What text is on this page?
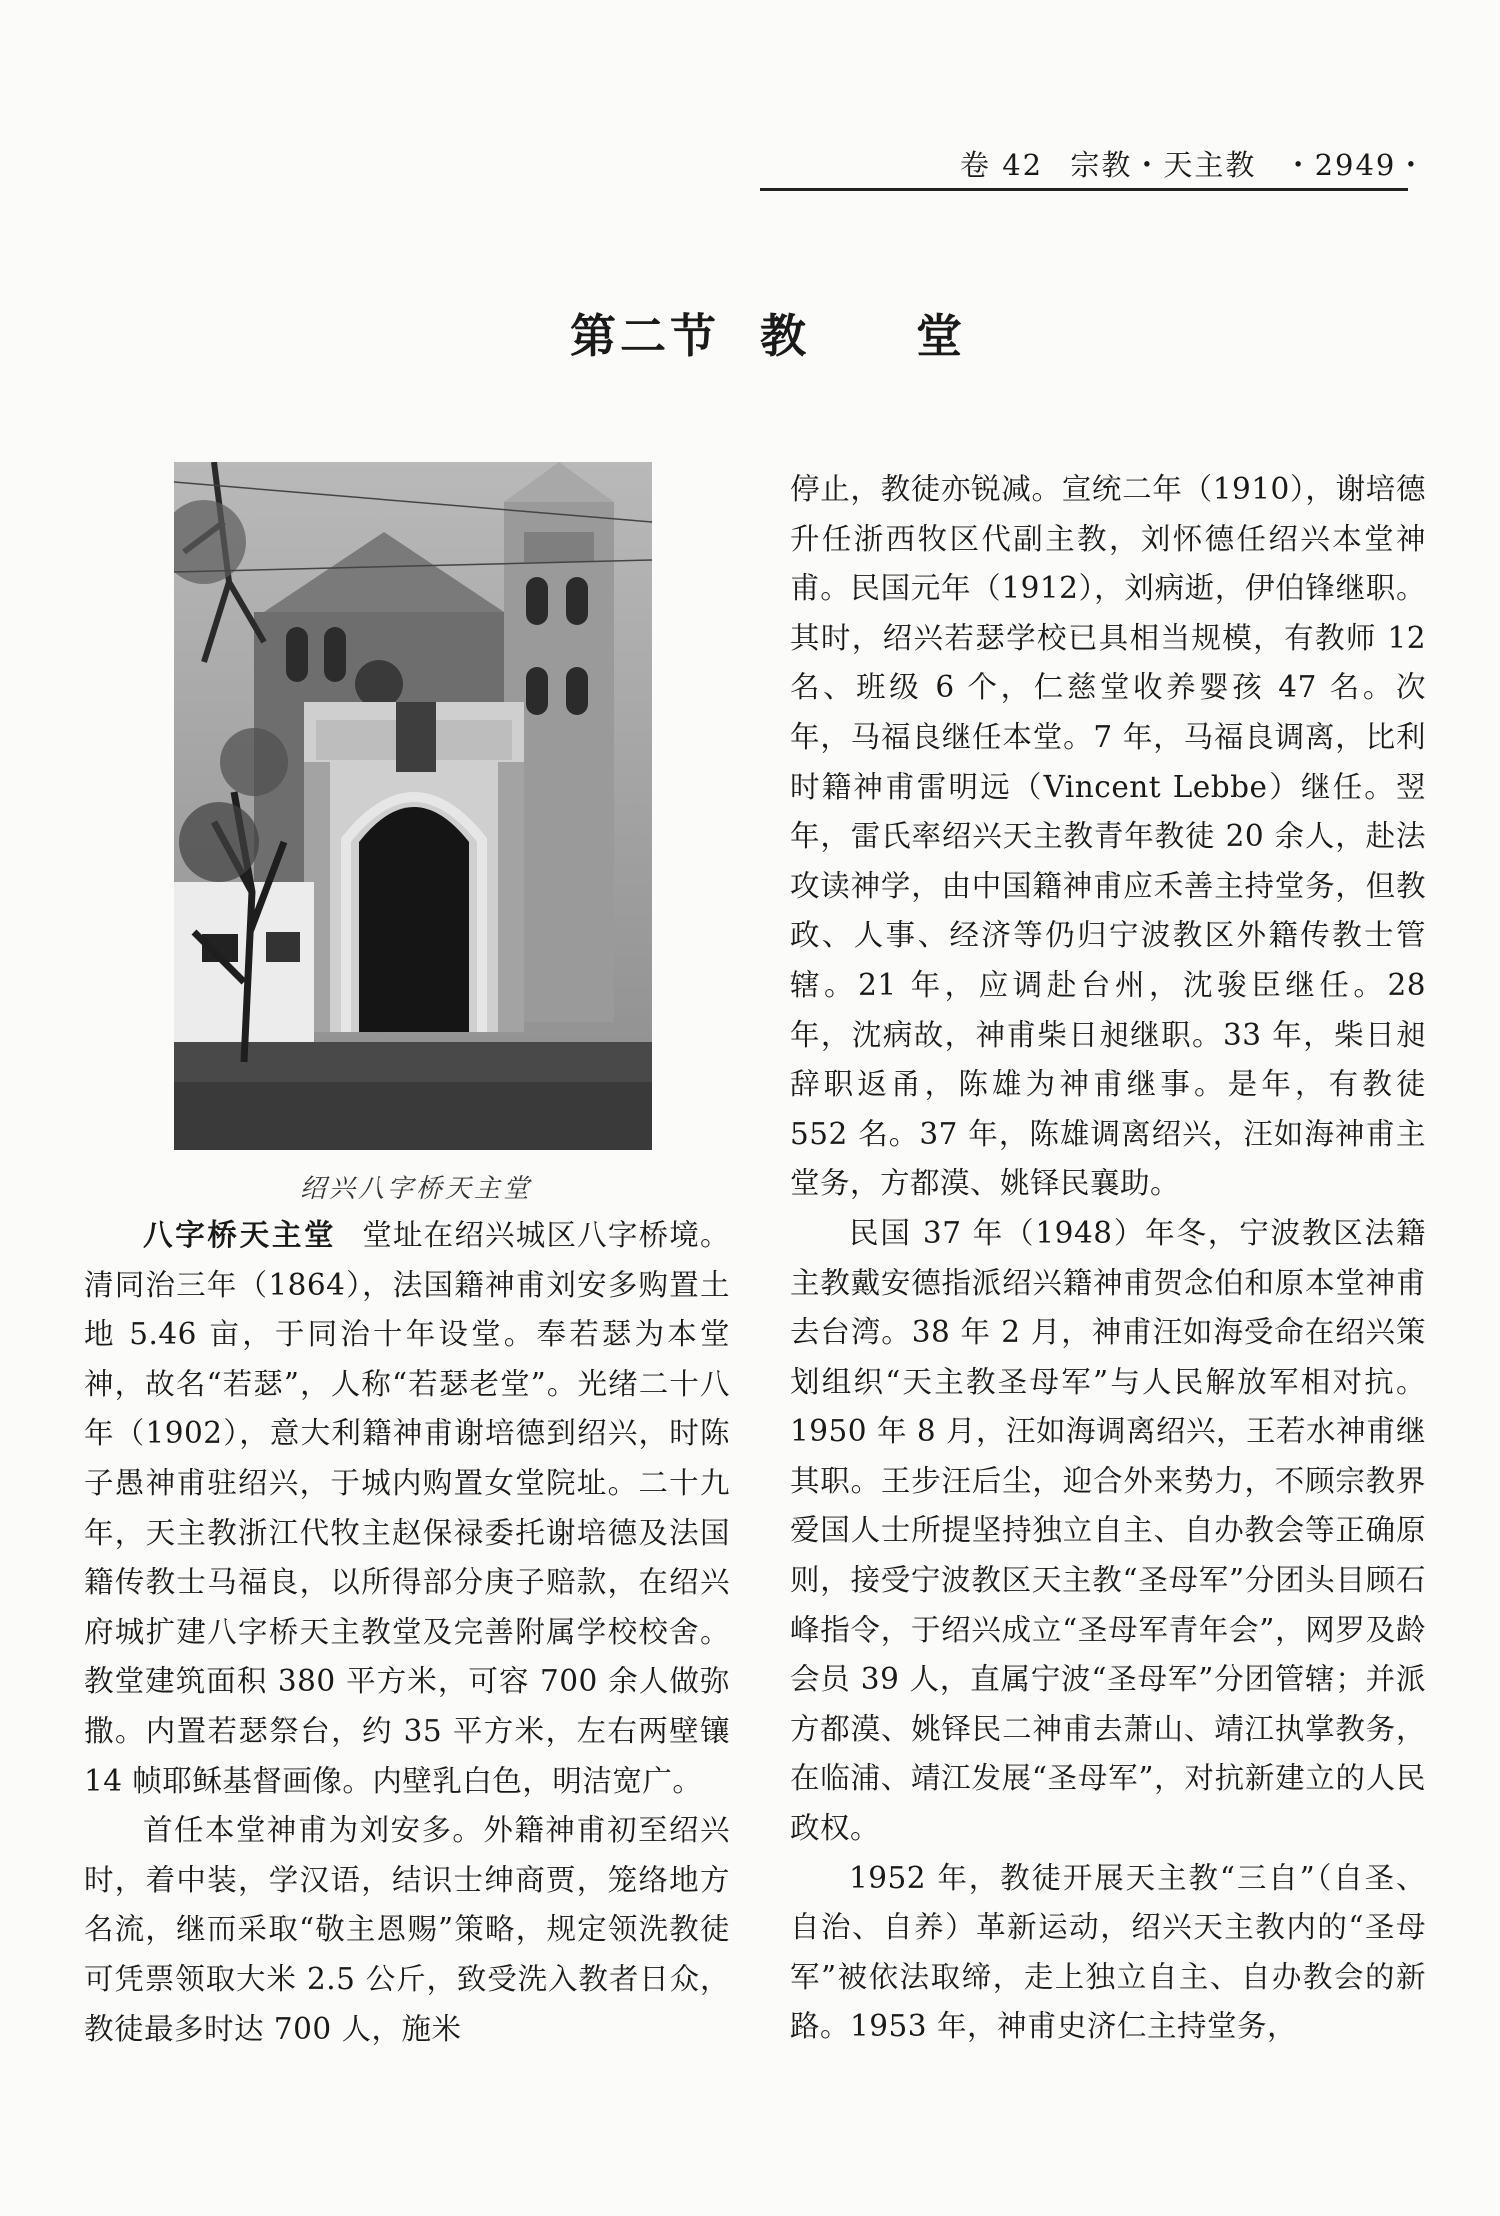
卷 42 宗教・天主教 ・2949・
第二节 教堂
绍兴八字桥天主堂

八字桥天主堂 堂址在绍兴城区八字桥境。清同治三年（1864），法国籍神甫刘安多购置土地 5.46 亩，于同治十年设堂。奉若瑟为本堂神，故名“若瑟”，人称“若瑟老堂”。光绪二十八年（1902），意大利籍神甫谢培德到绍兴，时陈子愚神甫驻绍兴，于城内购置女堂院址。二十九年，天主教浙江代牧主赵保禄委托谢培德及法国籍传教士马福良，以所得部分庚子赔款，在绍兴府城扩建八字桥天主教堂及完善附属学校校舍。教堂建筑面积 380 平方米，可容 700 余人做弥撒。内置若瑟祭台，约 35 平方米，左右两壁镶 14 帧耶稣基督画像。内壁乳白色，明洁宽广。

首任本堂神甫为刘安多。外籍神甫初至绍兴时，着中装，学汉语，结识士绅商贾，笼络地方名流，继而采取“敬主恩赐”策略，规定领洗教徒可凭票领取大米 2.5 公斤，致受洗入教者日众，教徒最多时达 700 人，施米

停止，教徒亦锐减。宣统二年（1910），谢培德升任浙西牧区代副主教，刘怀德任绍兴本堂神甫。民国元年（1912），刘病逝，伊伯锋继职。其时，绍兴若瑟学校已具相当规模，有教师 12 名、班级 6 个，仁慈堂收养婴孩 47 名。次年，马福良继任本堂。7 年，马福良调离，比利时籍神甫雷明远（Vincent Lebbe）继任。翌年，雷氏率绍兴天主教青年教徒 20 余人，赴法攻读神学，由中国籍神甫应禾善主持堂务，但教政、人事、经济等仍归宁波教区外籍传教士管辖。21 年，应调赴台州，沈骏臣继任。28 年，沈病故，神甫柴日昶继职。33 年，柴日昶辞职返甬，陈雄为神甫继事。是年，有教徒 552 名。37 年，陈雄调离绍兴，汪如海神甫主堂务，方都漠、姚铎民襄助。

民国 37 年（1948）年冬，宁波教区法籍主教戴安德指派绍兴籍神甫贺念伯和原本堂神甫去台湾。38 年 2 月，神甫汪如海受命在绍兴策划组织“天主教圣母军”与人民解放军相对抗。1950 年 8 月，汪如海调离绍兴，王若水神甫继其职。王步汪后尘，迎合外来势力，不顾宗教界爱国人士所提坚持独立自主、自办教会等正确原则，接受宁波教区天主教“圣母军”分团头目顾石峰指令，于绍兴成立“圣母军青年会”，网罗及龄会员 39 人，直属宁波“圣母军”分团管辖；并派方都漠、姚铎民二神甫去萧山、靖江执掌教务，在临浦、靖江发展“圣母军”，对抗新建立的人民政权。

1952 年，教徒开展天主教“三自”（自圣、自治、自养）革新运动，绍兴天主教内的“圣母军”被依法取缔，走上独立自主、自办教会的新路。1953 年，神甫史济仁主持堂务，
